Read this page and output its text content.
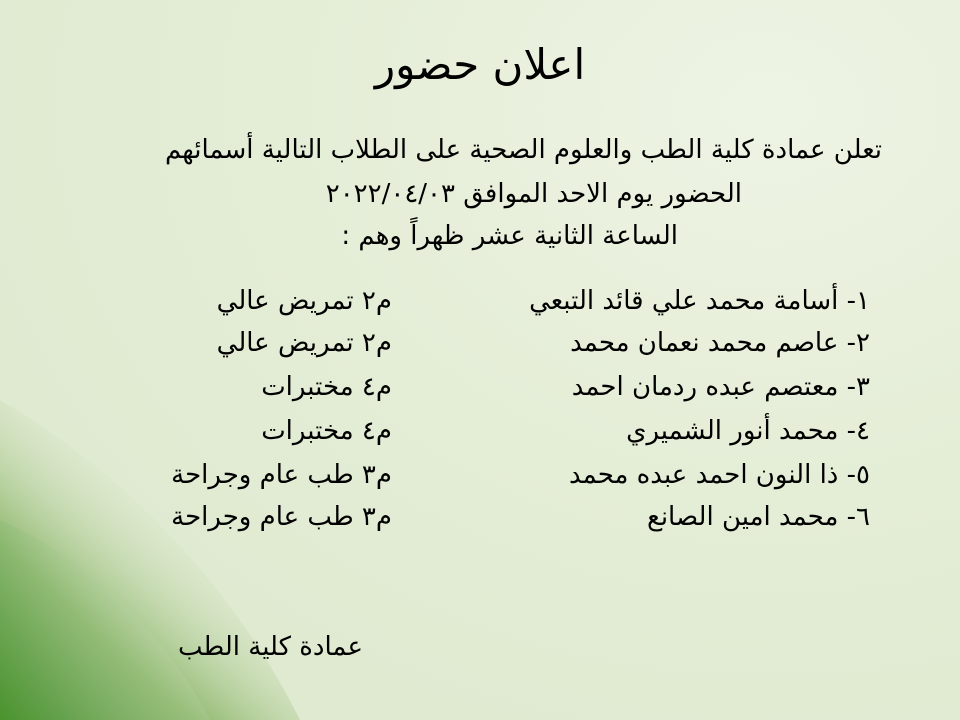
اعلان حضور
تعلن عمادة كلية الطب والعلوم الصحية على الطلاب التالية أسمائهم
الحضور يوم الاحد الموافق ٢٠٢٢/٠٤/٠٣
الساعة الثانية عشر ظهراً وهم :
١- أسامة محمد علي قائد التبعي
م٢ تمريض عالي
٢- عاصم محمد نعمان محمد
م٢ تمريض عالي
٣- معتصم عبده ردمان احمد
م٤ مختبرات
٤- محمد أنور الشميري
م٤ مختبرات
٥- ذا النون احمد عبده محمد
م٣ طب عام وجراحة
٦- محمد امين الصانع
م٣ طب عام وجراحة
عمادة كلية الطب
